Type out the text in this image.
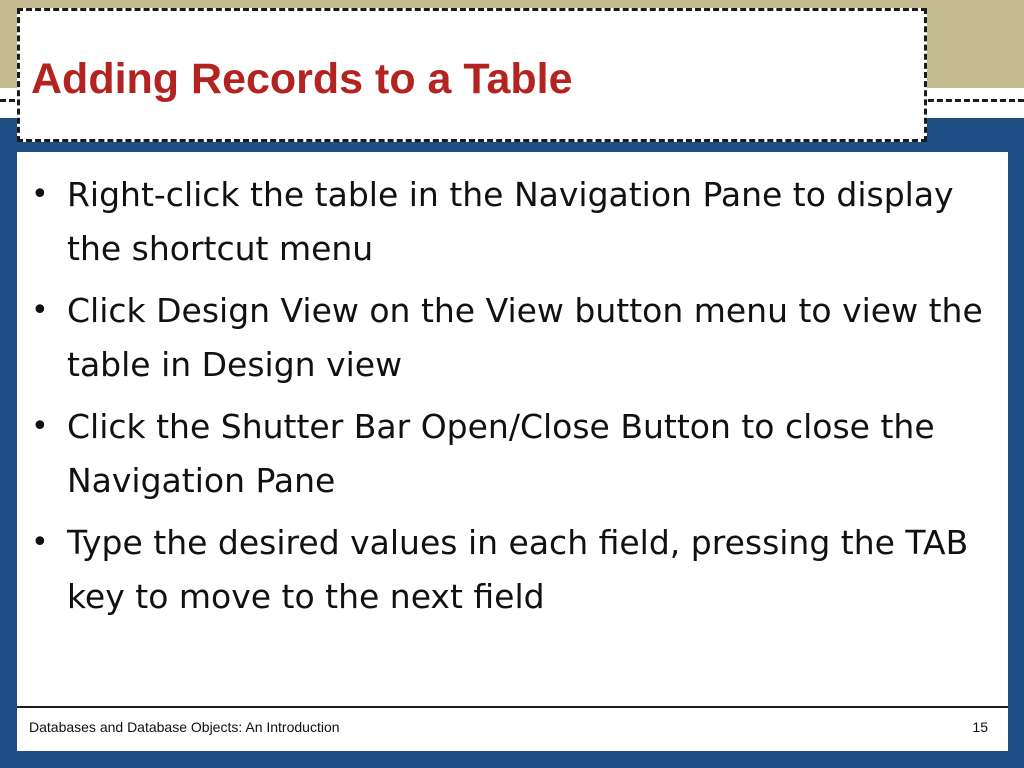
Adding Records to a Table
• Right-click the table in the Navigation Pane to display the shortcut menu
• Click Design View on the View button menu to view the table in Design view
• Click the Shutter Bar Open/Close Button to close the Navigation Pane
• Type the desired values in each field, pressing the TAB key to move to the next field
Databases and Database Objects: An Introduction	15
